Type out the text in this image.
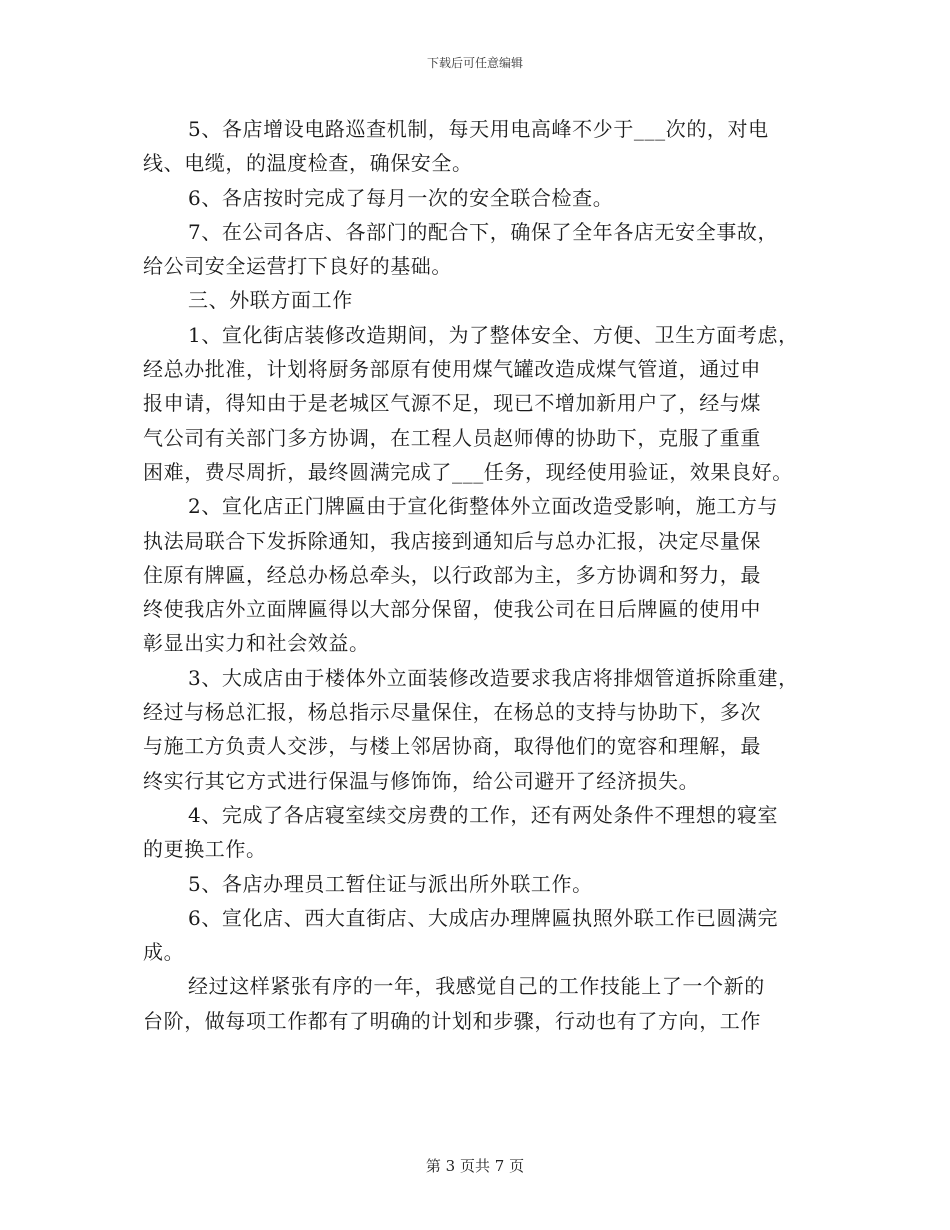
下载后可任意编辑
5、各店增设电路巡查机制，每天用电高峰不少于___次的，对电
线、电缆，的温度检查，确保安全。
6、各店按时完成了每月一次的安全联合检查。
7、在公司各店、各部门的配合下，确保了全年各店无安全事故，
给公司安全运营打下良好的基础。
三、外联方面工作
1、宣化街店装修改造期间，为了整体安全、方便、卫生方面考虑，
经总办批准，计划将厨务部原有使用煤气罐改造成煤气管道，通过申
报申请，得知由于是老城区气源不足，现已不增加新用户了，经与煤
气公司有关部门多方协调，在工程人员赵师傅的协助下，克服了重重
困难，费尽周折，最终圆满完成了___任务，现经使用验证，效果良好。
2、宣化店正门牌匾由于宣化街整体外立面改造受影响，施工方与
执法局联合下发拆除通知，我店接到通知后与总办汇报，决定尽量保
住原有牌匾，经总办杨总牵头，以行政部为主，多方协调和努力，最
终使我店外立面牌匾得以大部分保留，使我公司在日后牌匾的使用中
彰显出实力和社会效益。
3、大成店由于楼体外立面装修改造要求我店将排烟管道拆除重建，
经过与杨总汇报，杨总指示尽量保住，在杨总的支持与协助下，多次
与施工方负责人交涉，与楼上邻居协商，取得他们的宽容和理解，最
终实行其它方式进行保温与修饰饰，给公司避开了经济损失。
4、完成了各店寝室续交房费的工作，还有两处条件不理想的寝室
的更换工作。
5、各店办理员工暂住证与派出所外联工作。
6、宣化店、西大直街店、大成店办理牌匾执照外联工作已圆满完
成。
经过这样紧张有序的一年，我感觉自己的工作技能上了一个新的
台阶，做每项工作都有了明确的计划和步骤，行动也有了方向，工作
第 3 页共 7 页
